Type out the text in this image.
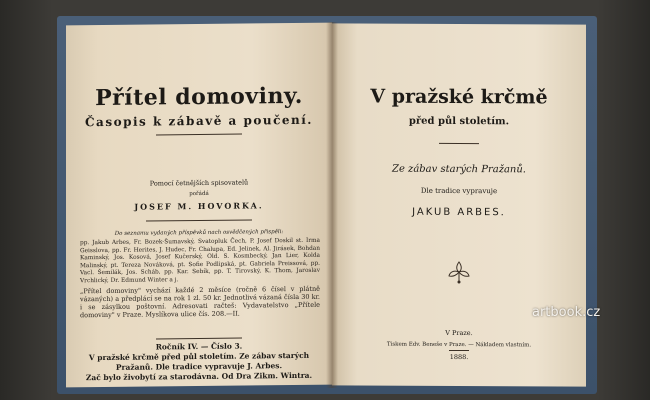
Přítel domoviny.
Časopis k zábavě a poučení.
Pomocí četnějších spisovatelů
pořádá
JOSEF M. HOVORKA.
Do seznamu vydaných příspěvků nach osvědčených přispěli:
pp. Jakub Arbes, Fr. Bozek-Šumavský, Svatopluk Čech, P. Josef Doskil st. Irma Geisslova, pp. Fr. Herites, J. Hudec, Fr. Chalupa, Ed. Jelinek, Al. Jirásek, Bohdan Kaminský, Jos. Kosová, Josef Kučerský, Old. S. Kosmbecký, Jan Lier, Kolda Malinský, pt. Tereza Nováková, pt. Sofie Podlipská, pt. Gabriela Preissová, pp. Vacl. Šemilák, Jos. Scháb, pp. Kar. Sebík, pp. T. Tirovský, K. Thom, Jaroslav Vrchlický, Dr. Edmund Winter a j.
„Přítel domoviny" vychází každé 2 měsíce (ročně 6 čísel v plátně vázaných) a předplácí se na rok 1 zl. 50 kr. Jednotlivá vázaná čísla 30 kr. i se zásylkou poštovní. Adresovati račteš: Vydavatelstvo „Přítele domoviny" v Praze. Myslíkova ulice čís. 208.—II.
Ročník IV. — Číslo 3.
V pražské krčmě před půl stoletím. Ze zábav starých
Pražanů. Dle tradice vypravuje J. Arbes.
Zač bylo živobytí za starodávna. Od Dra Zikm. Wintra.
V pražské krčmě
před půl stoletím.
Ze zábav starých Pražanů.
Dle tradice vypravuje
JAKUB ARBES.
V Praze.
Tiskem Edv. Beneše v Praze. — Nákladem vlastním.
1888.
artbook.cz
